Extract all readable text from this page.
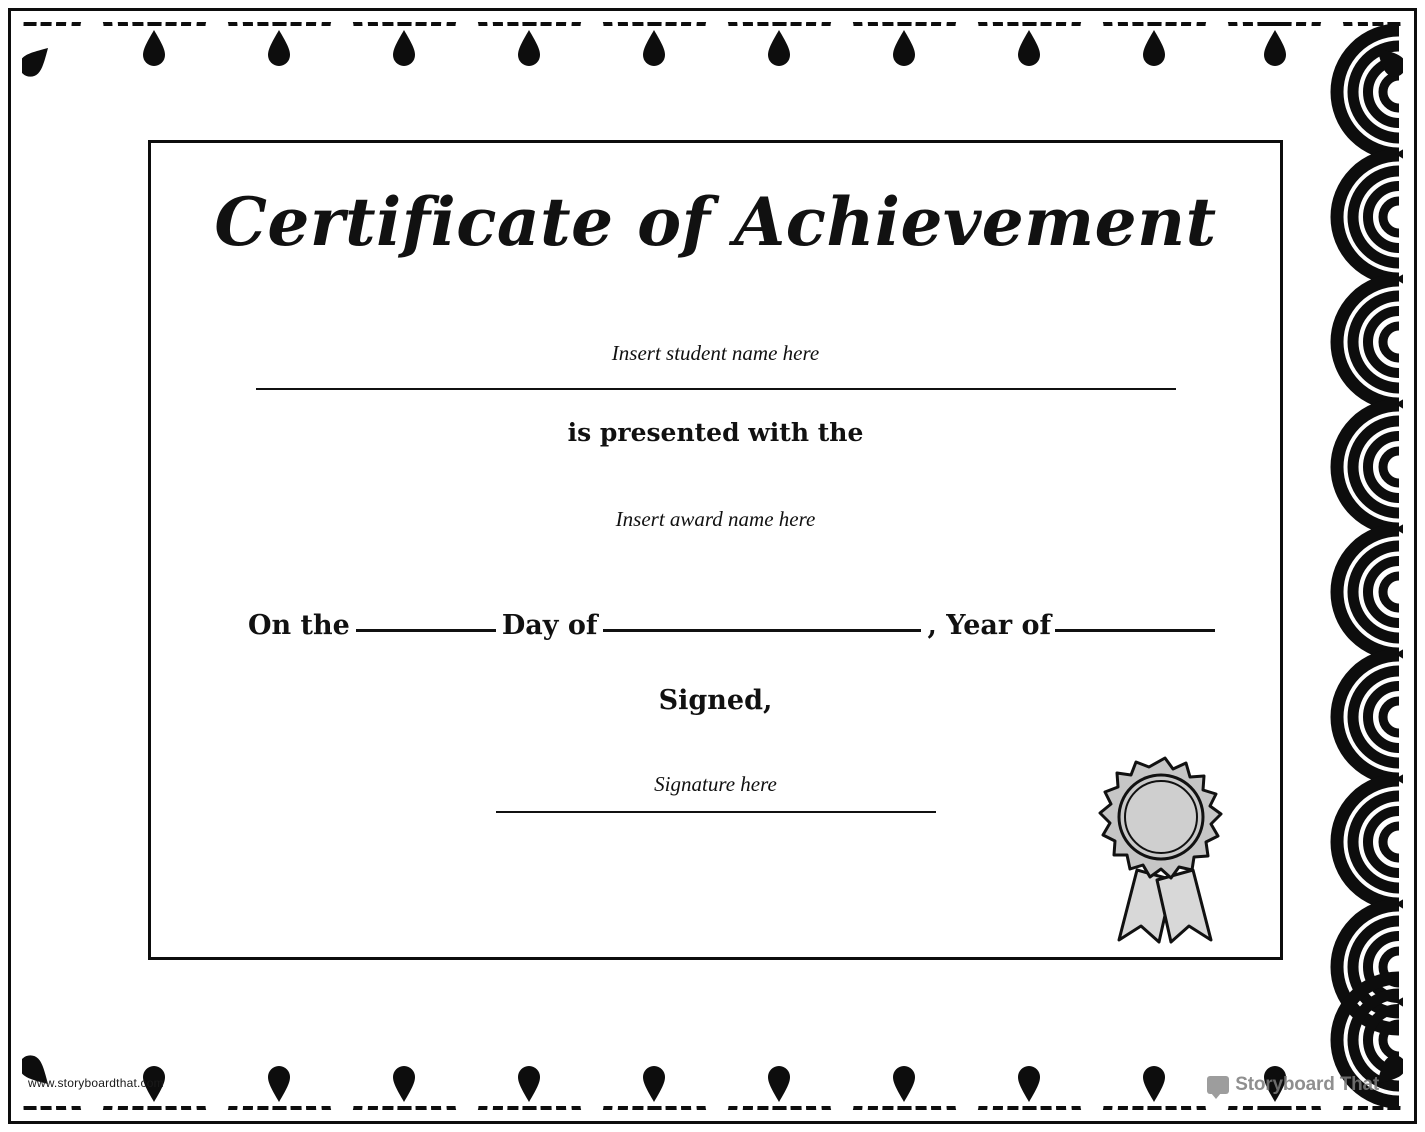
Certificate of Achievement
Insert student name here
is presented with the
Insert award name here
On the	Day of	, Year of
Signed,
Signature here
www.storyboardthat.com	Storyboard That
